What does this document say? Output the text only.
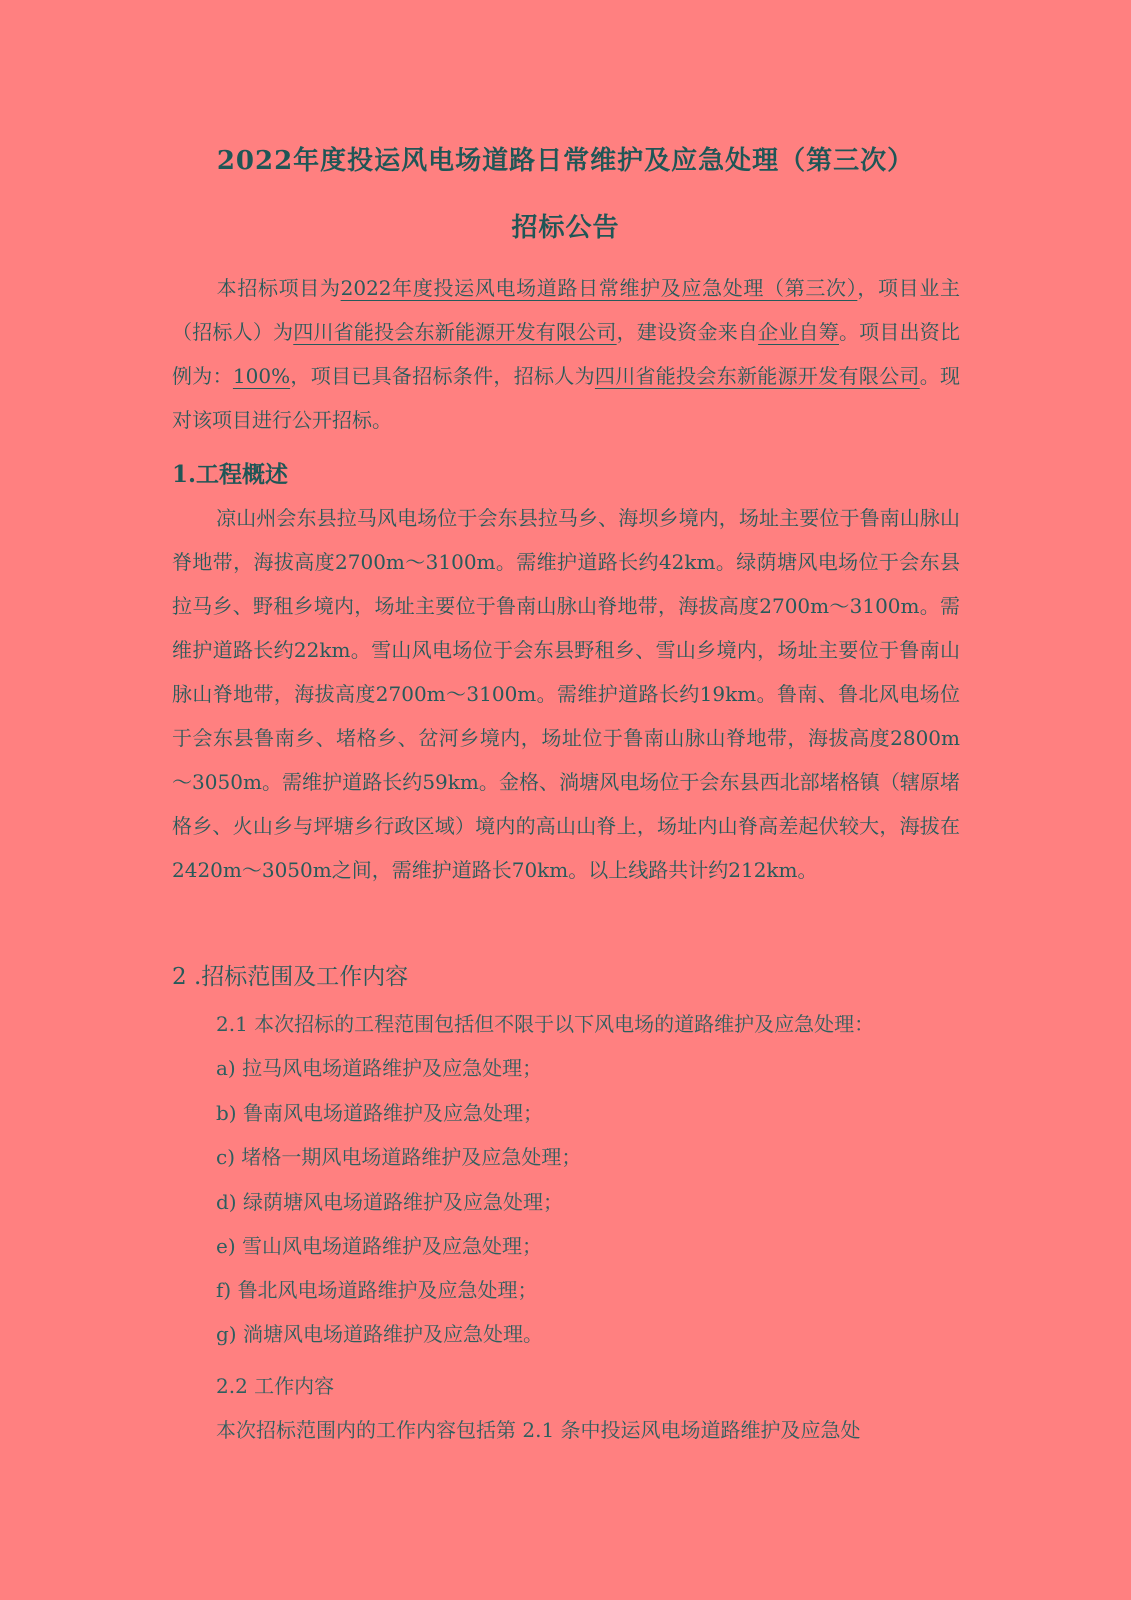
2022年度投运风电场道路日常维护及应急处理（第三次）
招标公告

本招标项目为2022年度投运风电场道路日常维护及应急处理（第三次），项目业主（招标人）为四川省能投会东新能源开发有限公司，建设资金来自企业自筹。项目出资比例为：100%，项目已具备招标条件，招标人为四川省能投会东新能源开发有限公司。现对该项目进行公开招标。

1.工程概述

凉山州会东县拉马风电场位于会东县拉马乡、海坝乡境内，场址主要位于鲁南山脉山脊地带，海拔高度2700m～3100m。需维护道路长约42km。绿荫塘风电场位于会东县拉马乡、野租乡境内，场址主要位于鲁南山脉山脊地带，海拔高度2700m～3100m。需维护道路长约22km。雪山风电场位于会东县野租乡、雪山乡境内，场址主要位于鲁南山脉山脊地带，海拔高度2700m～3100m。需维护道路长约19km。鲁南、鲁北风电场位于会东县鲁南乡、堵格乡、岔河乡境内，场址位于鲁南山脉山脊地带，海拔高度2800m～3050m。需维护道路长约59km。金格、淌塘风电场位于会东县西北部堵格镇（辖原堵格乡、火山乡与坪塘乡行政区域）境内的高山山脊上，场址内山脊高差起伏较大，海拔在2420m～3050m之间，需维护道路长70km。以上线路共计约212km。

2 .招标范围及工作内容
2.1 本次招标的工程范围包括但不限于以下风电场的道路维护及应急处理：
a) 拉马风电场道路维护及应急处理；
b) 鲁南风电场道路维护及应急处理；
c) 堵格一期风电场道路维护及应急处理；
d) 绿荫塘风电场道路维护及应急处理；
e) 雪山风电场道路维护及应急处理；
f) 鲁北风电场道路维护及应急处理；
g) 淌塘风电场道路维护及应急处理。
2.2 工作内容
本次招标范围内的工作内容包括第 2.1 条中投运风电场道路维护及应急处
